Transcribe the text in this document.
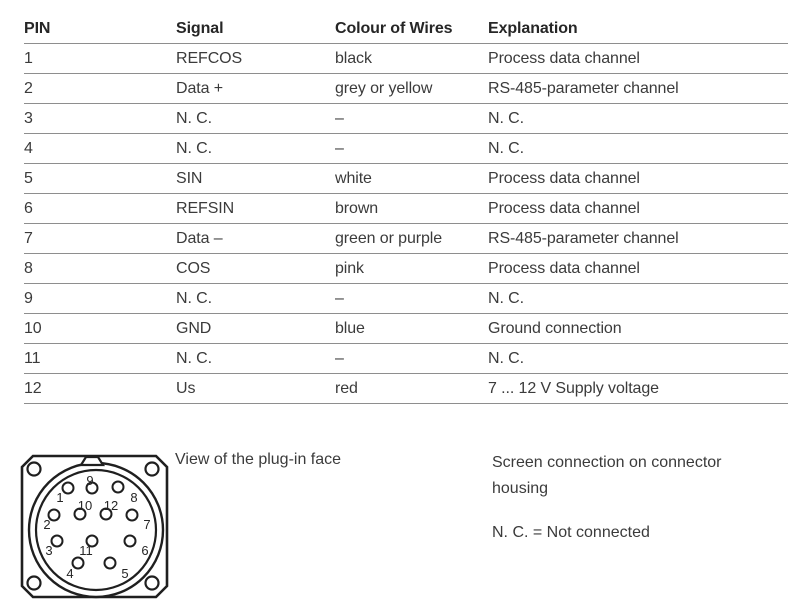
PIN	Signal	Colour of Wires	Explanation
1	REFCOS	black	Process data channel
2	Data +	grey or yellow	RS-485-parameter channel
3	N. C.	–	N. C.
4	N. C.	–	N. C.
5	SIN	white	Process data channel
6	REFSIN	brown	Process data channel
7	Data –	green or purple	RS-485-parameter channel
8	COS	pink	Process data channel
9	N. C.	–	N. C.
10	GND	blue	Ground connection
11	N. C.	–	N. C.
12	Us	red	7 ... 12 V Supply voltage
9
1	8
10 12
2	7
3 11	6
4	5
View of the plug-in face	Screen connection on connector housing

N. C. = Not connected
